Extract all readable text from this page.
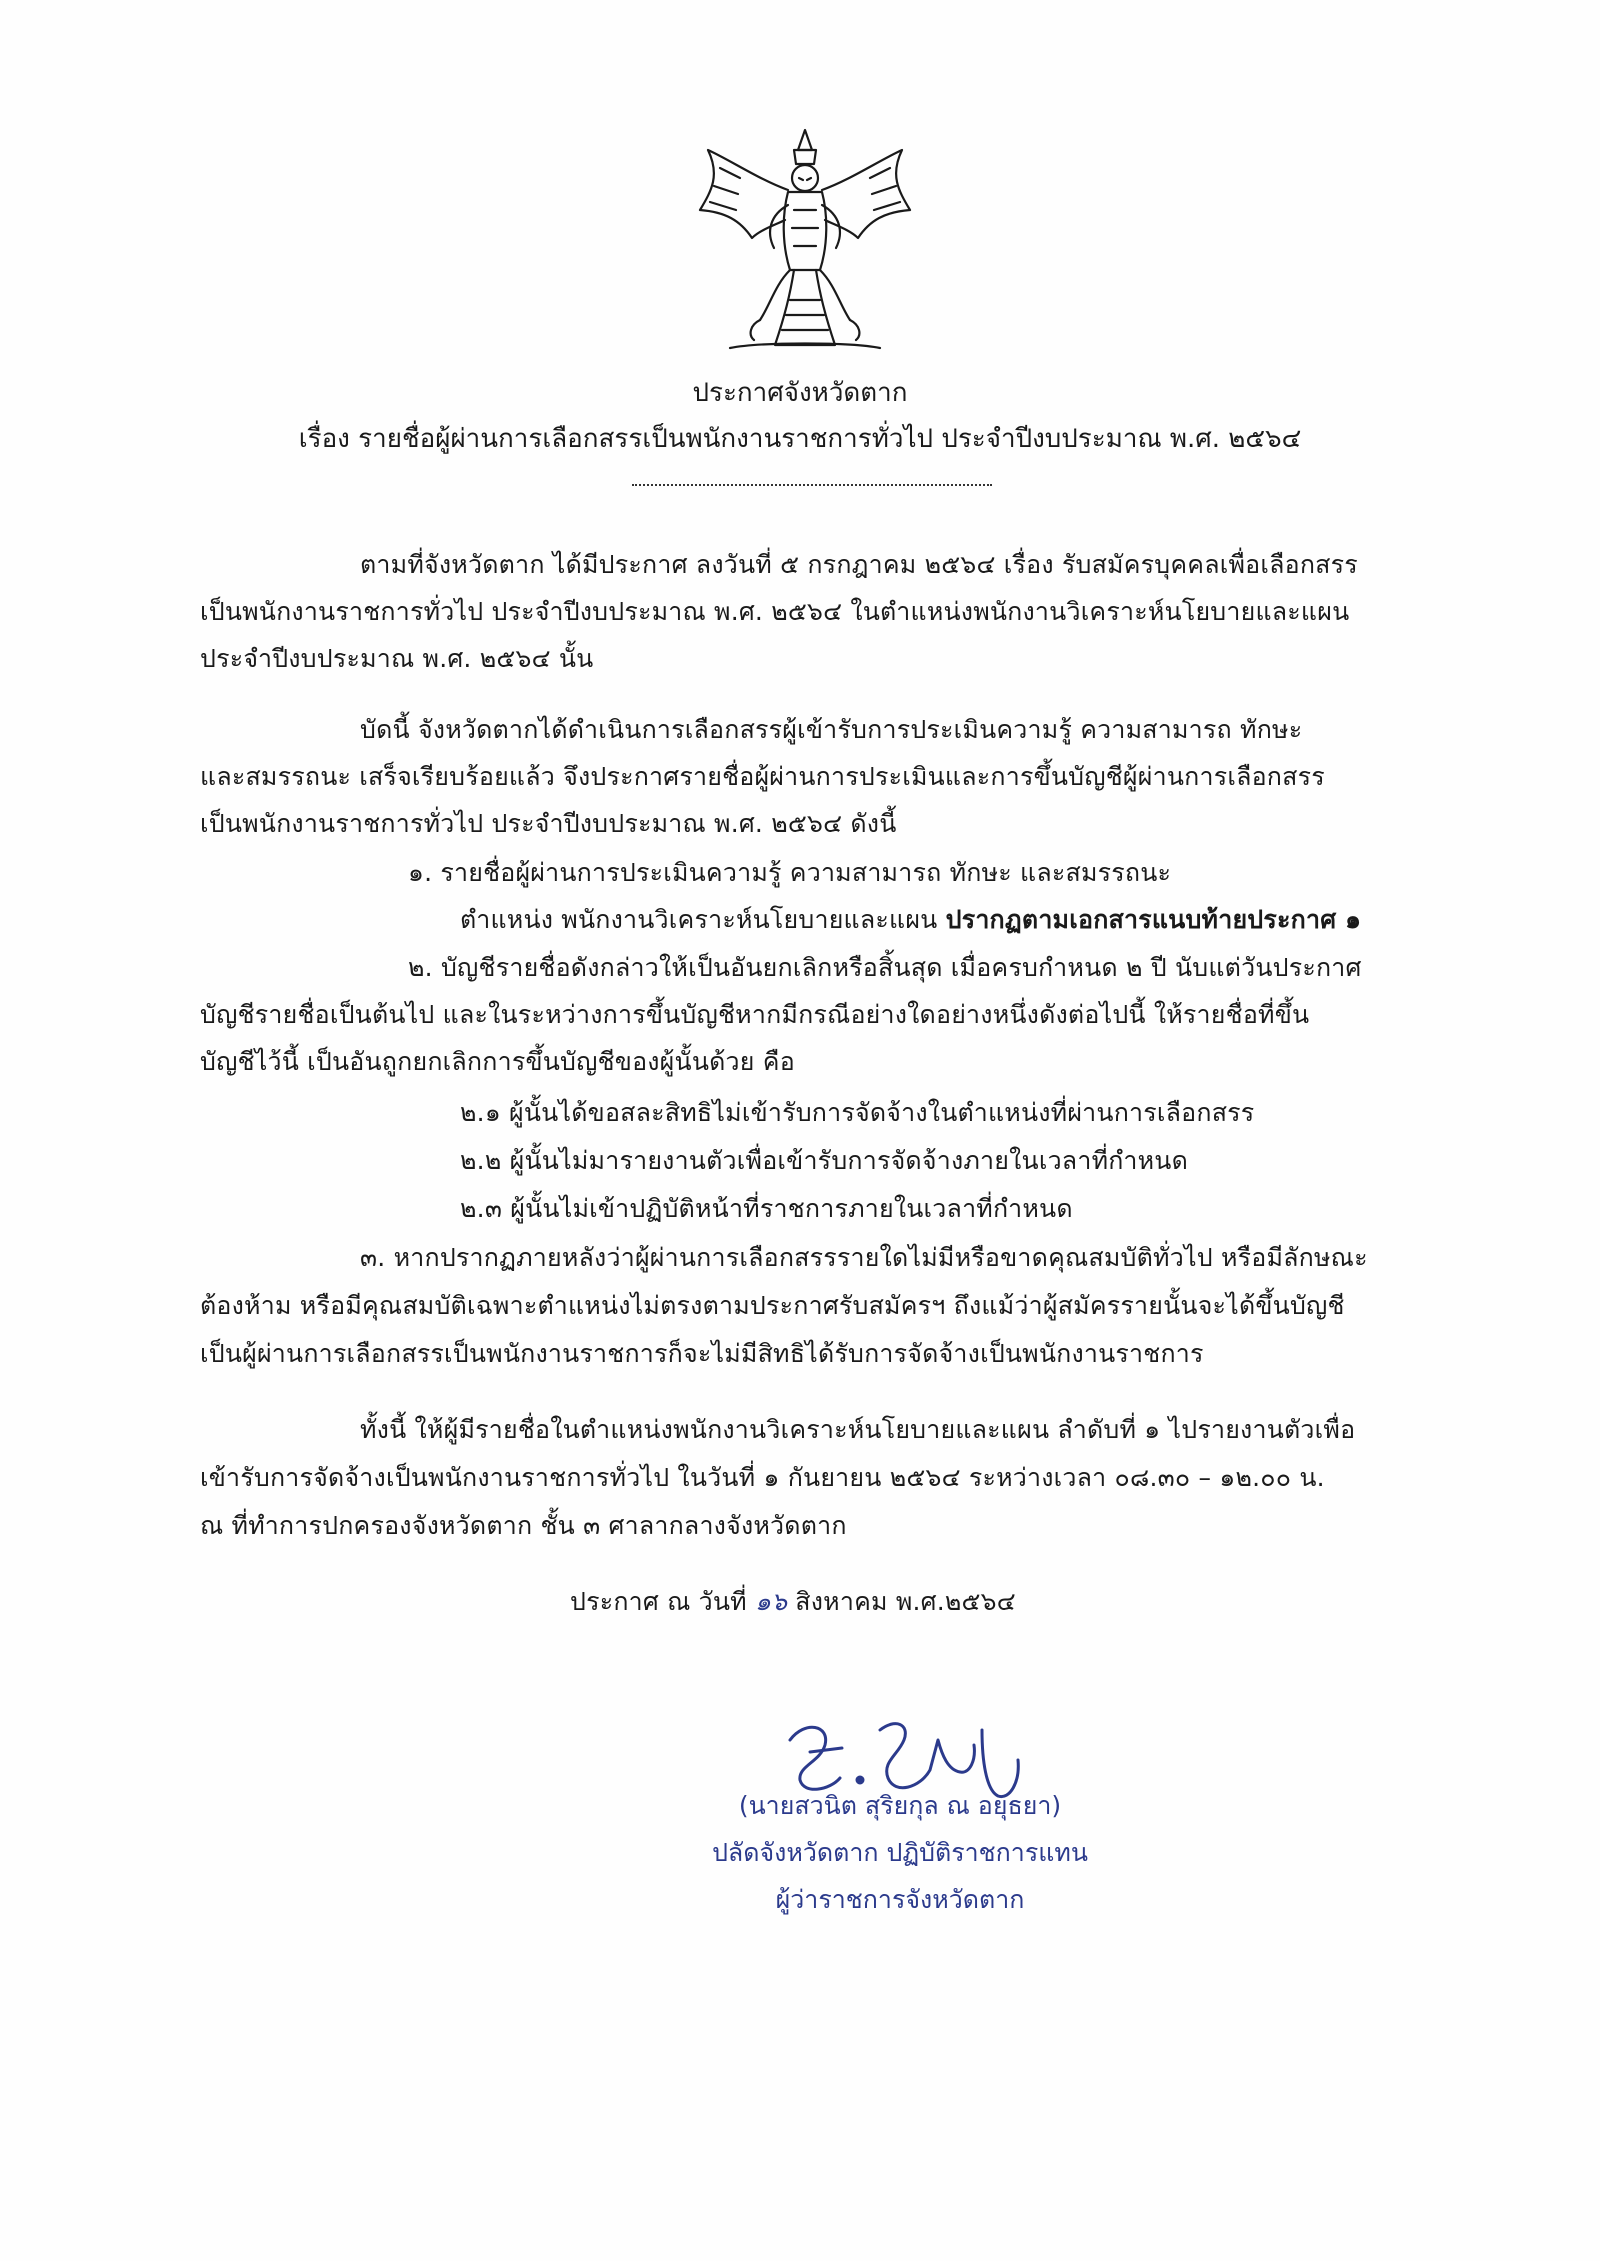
ประกาศจังหวัดตาก
เรื่อง รายชื่อผู้ผ่านการเลือกสรรเป็นพนักงานราชการทั่วไป ประจำปีงบประมาณ พ.ศ. ๒๕๖๔
ตามที่จังหวัดตาก ได้มีประกาศ ลงวันที่ ๕ กรกฎาคม ๒๕๖๔ เรื่อง รับสมัครบุคคลเพื่อเลือกสรร
เป็นพนักงานราชการทั่วไป ประจำปีงบประมาณ พ.ศ. ๒๕๖๔ ในตำแหน่งพนักงานวิเคราะห์นโยบายและแผน
ประจำปีงบประมาณ พ.ศ. ๒๕๖๔ นั้น
บัดนี้ จังหวัดตากได้ดำเนินการเลือกสรรผู้เข้ารับการประเมินความรู้ ความสามารถ ทักษะ
และสมรรถนะ เสร็จเรียบร้อยแล้ว จึงประกาศรายชื่อผู้ผ่านการประเมินและการขึ้นบัญชีผู้ผ่านการเลือกสรร
เป็นพนักงานราชการทั่วไป ประจำปีงบประมาณ พ.ศ. ๒๕๖๔ ดังนี้
๑. รายชื่อผู้ผ่านการประเมินความรู้ ความสามารถ ทักษะ และสมรรถนะ
ตำแหน่ง พนักงานวิเคราะห์นโยบายและแผน ปรากฏตามเอกสารแนบท้ายประกาศ ๑
๒. บัญชีรายชื่อดังกล่าวให้เป็นอันยกเลิกหรือสิ้นสุด เมื่อครบกำหนด ๒ ปี นับแต่วันประกาศ
บัญชีรายชื่อเป็นต้นไป และในระหว่างการขึ้นบัญชีหากมีกรณีอย่างใดอย่างหนึ่งดังต่อไปนี้ ให้รายชื่อที่ขึ้น
บัญชีไว้นี้ เป็นอันถูกยกเลิกการขึ้นบัญชีของผู้นั้นด้วย คือ
๒.๑ ผู้นั้นได้ขอสละสิทธิไม่เข้ารับการจัดจ้างในตำแหน่งที่ผ่านการเลือกสรร
๒.๒ ผู้นั้นไม่มารายงานตัวเพื่อเข้ารับการจัดจ้างภายในเวลาที่กำหนด
๒.๓ ผู้นั้นไม่เข้าปฏิบัติหน้าที่ราชการภายในเวลาที่กำหนด
๓. หากปรากฏภายหลังว่าผู้ผ่านการเลือกสรรรายใดไม่มีหรือขาดคุณสมบัติทั่วไป หรือมีลักษณะ
ต้องห้าม หรือมีคุณสมบัติเฉพาะตำแหน่งไม่ตรงตามประกาศรับสมัครฯ ถึงแม้ว่าผู้สมัครรายนั้นจะได้ขึ้นบัญชี
เป็นผู้ผ่านการเลือกสรรเป็นพนักงานราชการก็จะไม่มีสิทธิได้รับการจัดจ้างเป็นพนักงานราชการ
ทั้งนี้ ให้ผู้มีรายชื่อในตำแหน่งพนักงานวิเคราะห์นโยบายและแผน ลำดับที่ ๑ ไปรายงานตัวเพื่อ
เข้ารับการจัดจ้างเป็นพนักงานราชการทั่วไป ในวันที่ ๑ กันยายน ๒๕๖๔ ระหว่างเวลา ๐๘.๓๐ – ๑๒.๐๐ น.
ณ ที่ทำการปกครองจังหวัดตาก ชั้น ๓ ศาลากลางจังหวัดตาก
ประกาศ ณ วันที่ ๑๖ สิงหาคม พ.ศ.๒๕๖๔
(นายสวนิต สุริยกุล ณ อยุธยา)
ปลัดจังหวัดตาก ปฏิบัติราชการแทน
ผู้ว่าราชการจังหวัดตาก
